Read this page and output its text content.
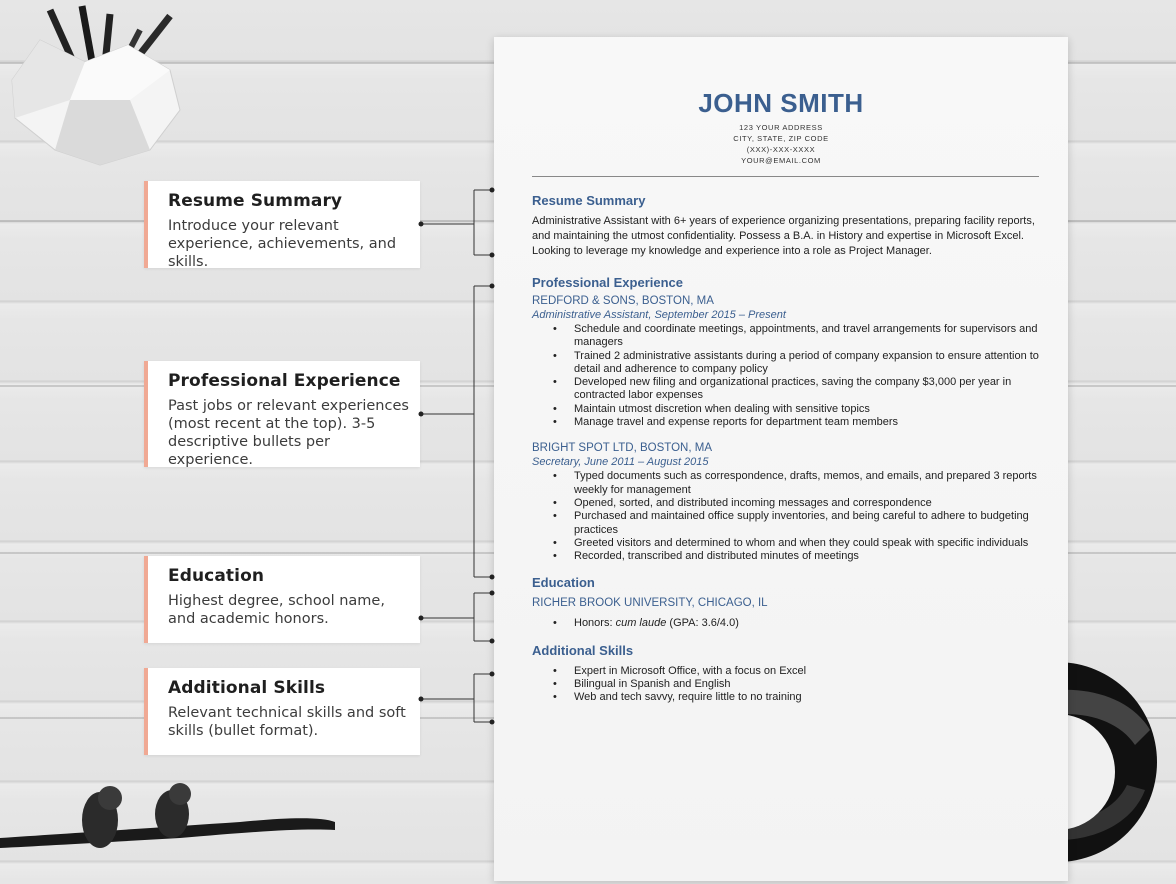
JOHN SMITH
123 YOUR ADDRESS
CITY, STATE, ZIP CODE
(XXX)-XXX-XXXX
YOUR@EMAIL.COM
Resume Summary
Administrative Assistant with 6+ years of experience organizing presentations, preparing facility reports, and maintaining the utmost confidentiality. Possess a B.A. in History and expertise in Microsoft Excel. Looking to leverage my knowledge and experience into a role as Project Manager.
Professional Experience
REDFORD & SONS, BOSTON, MA
Administrative Assistant, September 2015 – Present
• Schedule and coordinate meetings, appointments, and travel arrangements for supervisors and managers
• Trained 2 administrative assistants during a period of company expansion to ensure attention to detail and adherence to company policy
• Developed new filing and organizational practices, saving the company $3,000 per year in contracted labor expenses
• Maintain utmost discretion when dealing with sensitive topics
• Manage travel and expense reports for department team members
BRIGHT SPOT LTD, BOSTON, MA
Secretary, June 2011 – August 2015
• Typed documents such as correspondence, drafts, memos, and emails, and prepared 3 reports weekly for management
• Opened, sorted, and distributed incoming messages and correspondence
• Purchased and maintained office supply inventories, and being careful to adhere to budgeting practices
• Greeted visitors and determined to whom and when they could speak with specific individuals
• Recorded, transcribed and distributed minutes of meetings
Education
RICHER BROOK UNIVERSITY, CHICAGO, IL
• Honors: cum laude (GPA: 3.6/4.0)
Additional Skills
• Expert in Microsoft Office, with a focus on Excel
• Bilingual in Spanish and English
• Web and tech savvy, require little to no training
Resume Summary

Introduce your relevant experience, achievements, and skills.

Professional Experience

Past jobs or relevant experiences (most recent at the top). 3-5 descriptive bullets per experience.

Education

Highest degree, school name, and academic honors.

Additional Skills

Relevant technical skills and soft skills (bullet format).
